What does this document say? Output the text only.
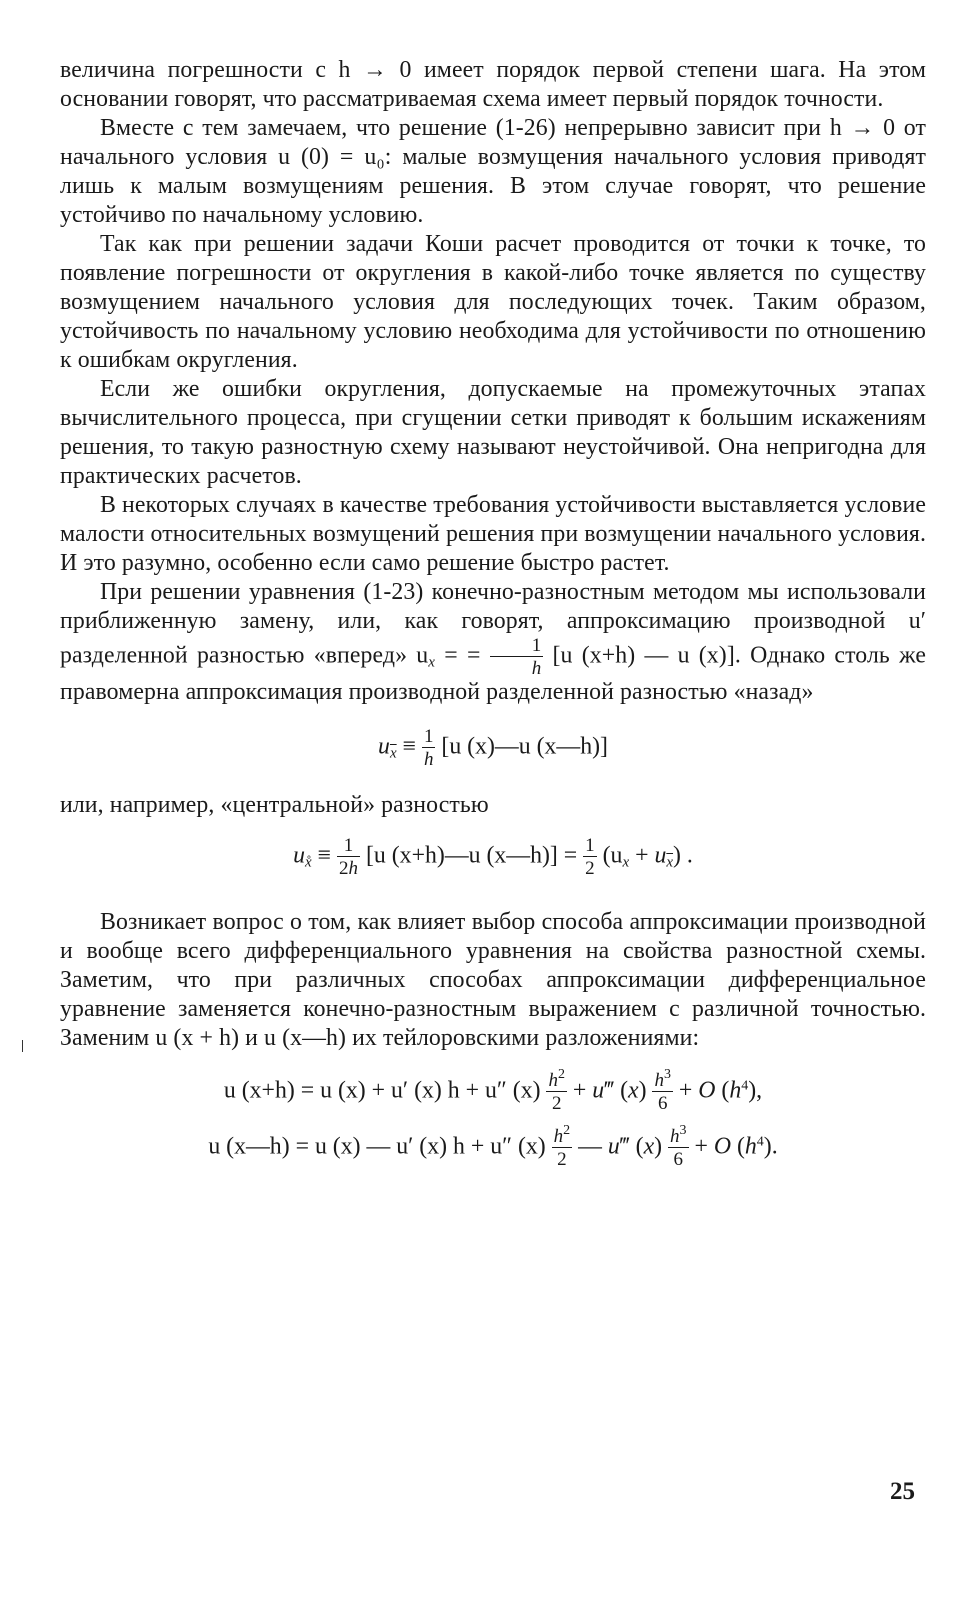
величина погрешности с h → 0 имеет порядок первой степени шага. На этом основании говорят, что рассматриваемая схема имеет первый порядок точности.

Вместе с тем замечаем, что решение (1-26) непрерывно зависит при h → 0 от начального условия u (0) = u₀: малые возмущения начального условия приводят лишь к малым возмущениям решения. В этом случае говорят, что решение устойчиво по начальному условию.

Так как при решении задачи Коши расчет проводится от точки к точке, то появление погрешности от округления в какой-либо точке является по существу возмущением начального условия для последующих точек. Таким образом, устойчивость по начальному условию необходима для устойчивости по отношению к ошибкам округления.

Если же ошибки округления, допускаемые на промежуточных этапах вычислительного процесса, при сгущении сетки приводят к большим искажениям решения, то такую разностную схему называют неустойчивой. Она непригодна для практических расчетов.

В некоторых случаях в качестве требования устойчивости выставляется условие малости относительных возмущений решения при возмущении начального условия. И это разумно, особенно если само решение быстро растет.

При решении уравнения (1-23) конечно-разностным методом мы использовали приближенную замену, или, как говорят, аппроксимацию производной u′ разделенной разностью «вперед» $u_x$ = = $\frac{1}{h} [u$ (x+h) — u (x)]. Однако столь же правомерна аппроксимация производной разделенной разностью «назад»

$u_{\overline{x}} \equiv \frac{1}{h} [u$ (x)—u (x—h)]

или, например, «центральной» разностью

$u_{x̊} \equiv \frac{1}{2h} [u$ (x+h)—u (x—h)] = $\frac{1}{2} (u_x + u_{\overline{x}})$ .

Возникает вопрос о том, как влияет выбор способа аппроксимации производной и вообще всего дифференциального уравнения на свойства разностной схемы. Заметим, что при различных способах аппроксимации дифференциальное уравнение заменяется конечно-разностным выражением с различной точностью. Заменим u (x + h) и u (x—h) их тейлоровскими разложениями:

u (x+h) = u (x) + u′ (x) h + u″ $(x) \frac{h^2}{2}$ + u‴ $(x) \frac{h^3}{6} + O$ $(h^4)$,
u (x—h) = u (x) — u′ (x) h + u″ $(x) \frac{h^2}{2}$ — u‴ $(x) \frac{h^3}{6} + O$ $(h^4)$.
25
